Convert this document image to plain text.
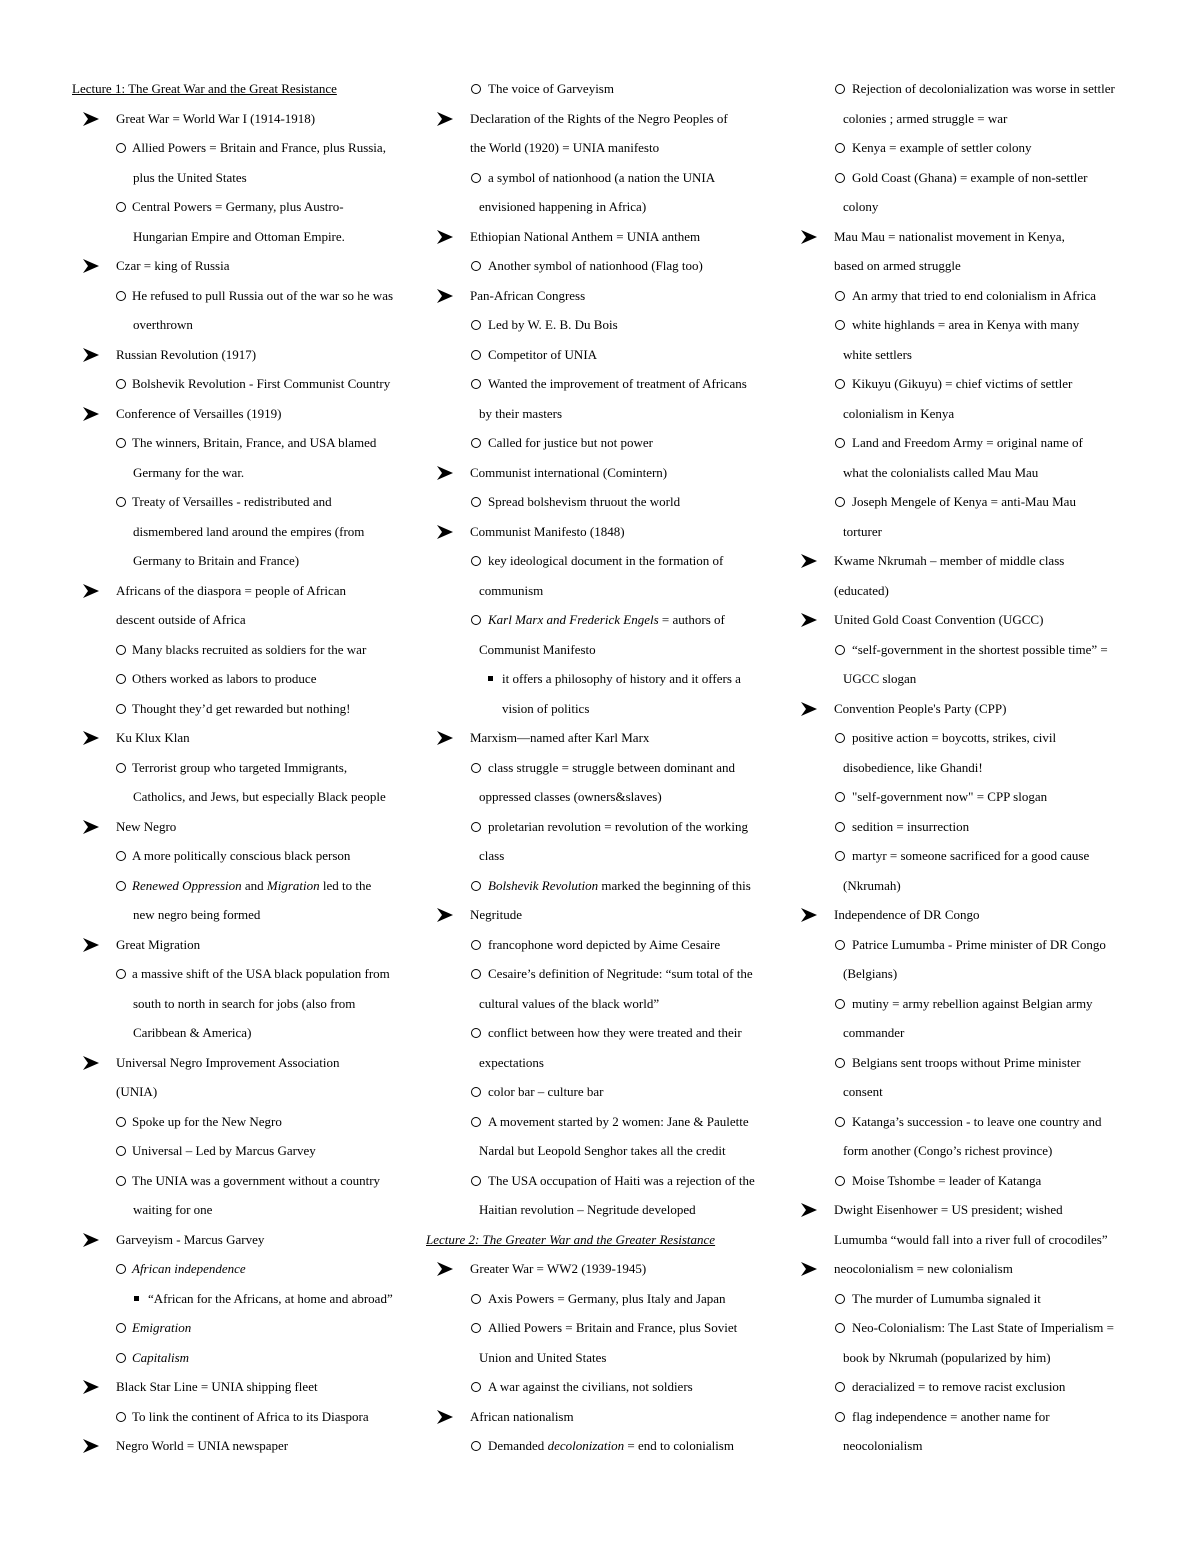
Lecture 1: The Great War and the Great Resistance
Great War = World War I (1914-1918)
Allied Powers = Britain and France, plus Russia,
plus the United States
Central Powers = Germany, plus Austro-
Hungarian Empire and Ottoman Empire.
Czar = king of Russia
He refused to pull Russia out of the war so he was
overthrown
Russian Revolution (1917)
Bolshevik Revolution - First Communist Country
Conference of Versailles (1919)
The winners, Britain, France, and USA blamed
Germany for the war.
Treaty of Versailles - redistributed and
dismembered land around the empires (from
Germany to Britain and France)
Africans of the diaspora = people of African
descent outside of Africa
Many blacks recruited as soldiers for the war
Others worked as labors to produce
Thought they’d get rewarded but nothing!
Ku Klux Klan
Terrorist group who targeted Immigrants,
Catholics, and Jews, but especially Black people
New Negro
A more politically conscious black person
Renewed Oppression and Migration led to the
new negro being formed
Great Migration
a massive shift of the USA black population from
south to north in search for jobs (also from
Caribbean & America)
Universal Negro Improvement Association
(UNIA)
Spoke up for the New Negro
Universal – Led by Marcus Garvey
The UNIA was a government without a country
waiting for one
Garveyism - Marcus Garvey
African independence
“African for the Africans, at home and abroad”
Emigration
Capitalism
Black Star Line = UNIA shipping fleet
To link the continent of Africa to its Diaspora
Negro World = UNIA newspaper
The voice of Garveyism
Declaration of the Rights of the Negro Peoples of
the World (1920) = UNIA manifesto
a symbol of nationhood (a nation the UNIA
envisioned happening in Africa)
Ethiopian National Anthem = UNIA anthem
Another symbol of nationhood (Flag too)
Pan-African Congress
Led by W. E. B. Du Bois
Competitor of UNIA
Wanted the improvement of treatment of Africans
by their masters
Called for justice but not power
Communist international (Comintern)
Spread bolshevism thruout the world
Communist Manifesto (1848)
key ideological document in the formation of
communism
Karl Marx and Frederick Engels = authors of
Communist Manifesto
it offers a philosophy of history and it offers a
vision of politics
Marxism—named after Karl Marx
class struggle = struggle between dominant and
oppressed classes (owners&slaves)
proletarian revolution = revolution of the working
class
Bolshevik Revolution marked the beginning of this
Negritude
francophone word depicted by Aime Cesaire
Cesaire’s definition of Negritude: “sum total of the
cultural values of the black world”
conflict between how they were treated and their
expectations
color bar – culture bar
A movement started by 2 women: Jane & Paulette
Nardal but Leopold Senghor takes all the credit
The USA occupation of Haiti was a rejection of the
Haitian revolution – Negritude developed
Lecture 2: The Greater War and the Greater Resistance
Greater War = WW2 (1939-1945)
Axis Powers = Germany, plus Italy and Japan
Allied Powers = Britain and France, plus Soviet
Union and United States
A war against the civilians, not soldiers
African nationalism
Demanded decolonization = end to colonialism
Rejection of decolonialization was worse in settler
colonies ; armed struggle = war
Kenya = example of settler colony
Gold Coast (Ghana) = example of non-settler
colony
Mau Mau = nationalist movement in Kenya,
based on armed struggle
An army that tried to end colonialism in Africa
white highlands = area in Kenya with many
white settlers
Kikuyu (Gikuyu) = chief victims of settler
colonialism in Kenya
Land and Freedom Army = original name of
what the colonialists called Mau Mau
Joseph Mengele of Kenya = anti-Mau Mau
torturer
Kwame Nkrumah – member of middle class
(educated)
United Gold Coast Convention (UGCC)
“self-government in the shortest possible time” =
UGCC slogan
Convention People's Party (CPP)
positive action = boycotts, strikes, civil
disobedience, like Ghandi!
"self-government now" = CPP slogan
sedition = insurrection
martyr = someone sacrificed for a good cause
(Nkrumah)
Independence of DR Congo
Patrice Lumumba - Prime minister of DR Congo
(Belgians)
mutiny = army rebellion against Belgian army
commander
Belgians sent troops without Prime minister
consent
Katanga’s succession - to leave one country and
form another (Congo’s richest province)
Moise Tshombe = leader of Katanga
Dwight Eisenhower = US president; wished
Lumumba “would fall into a river full of crocodiles”
neocolonialism = new colonialism
The murder of Lumumba signaled it
Neo-Colonialism: The Last State of Imperialism =
book by Nkrumah (popularized by him)
deracialized = to remove racist exclusion
flag independence = another name for
neocolonialism
